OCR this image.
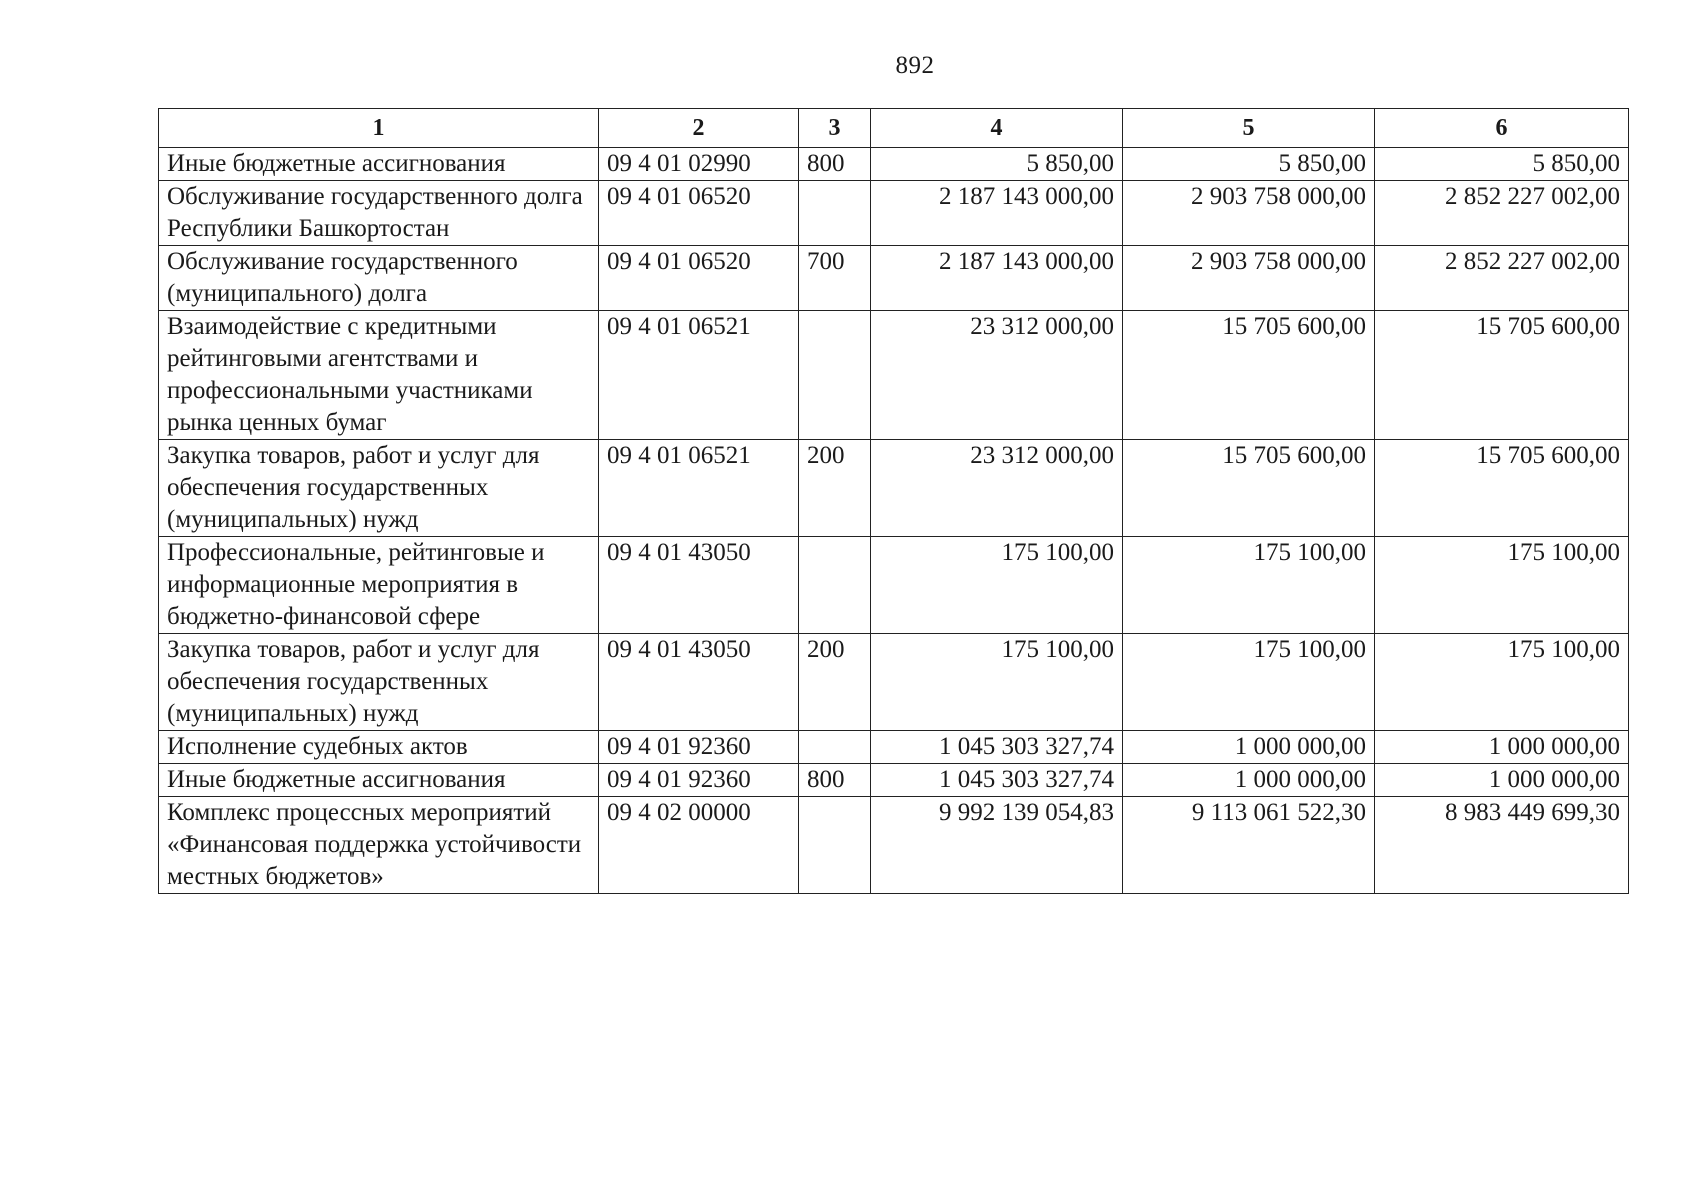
892
1	2	3	4	5	6
Иные бюджетные ассигнования	09 4 01 02990	800	5 850,00	5 850,00	5 850,00
Обслуживание государственного долга Республики Башкортостан	09 4 01 06520		2 187 143 000,00	2 903 758 000,00	2 852 227 002,00
Обслуживание государственного (муниципального) долга	09 4 01 06520	700	2 187 143 000,00	2 903 758 000,00	2 852 227 002,00
Взаимодействие с кредитными рейтинговыми агентствами и профессиональными участниками рынка ценных бумаг	09 4 01 06521		23 312 000,00	15 705 600,00	15 705 600,00
Закупка товаров, работ и услуг для обеспечения государственных (муниципальных) нужд	09 4 01 06521	200	23 312 000,00	15 705 600,00	15 705 600,00
Профессиональные, рейтинговые и информационные мероприятия в бюджетно-финансовой сфере	09 4 01 43050		175 100,00	175 100,00	175 100,00
Закупка товаров, работ и услуг для обеспечения государственных (муниципальных) нужд	09 4 01 43050	200	175 100,00	175 100,00	175 100,00
Исполнение судебных актов	09 4 01 92360		1 045 303 327,74	1 000 000,00	1 000 000,00
Иные бюджетные ассигнования	09 4 01 92360	800	1 045 303 327,74	1 000 000,00	1 000 000,00
Комплекс процессных мероприятий «Финансовая поддержка устойчивости местных бюджетов»	09 4 02 00000		9 992 139 054,83	9 113 061 522,30	8 983 449 699,30
